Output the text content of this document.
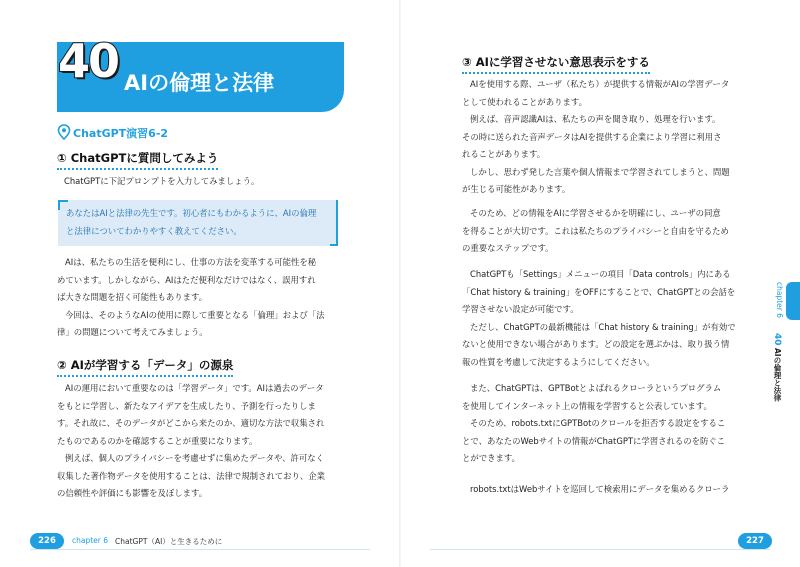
40 AIの倫理と法律
ChatGPT演習6-2
① ChatGPTに質問してみよう

ChatGPTに下記プロンプトを入力してみましょう。

あなたはAIと法律の先生です。初心者にもわかるように、AIの倫理
と法律についてわかりやすく教えてください。

AIは、私たちの生活を便利にし、仕事の方法を変革する可能性を秘

めています。しかしながら、AIはただ便利なだけではなく、誤用すれ

ば大きな問題を招く可能性もあります。

今回は、そのようなAIの使用に際して重要となる「倫理」および「法

律」の問題について考えてみましょう。

② AIが学習する「データ」の源泉

AIの運用において重要なのは「学習データ」です。AIは過去のデータ

をもとに学習し、新たなアイデアを生成したり、予測を行ったりしま

す。それ故に、そのデータがどこから来たのか、適切な方法で収集され

たものであるのかを確認することが重要になります。

例えば、個人のプライバシーを考慮せずに集めたデータや、許可なく

収集した著作物データを使用することは、法律で規制されており、企業

の信頼性や評価にも影響を及ぼします。

226	chapter 6 ChatGPT（AI）と生きるために
③ AIに学習させない意思表示をする

AIを使用する際、ユーザ（私たち）が提供する情報がAIの学習データ

として使われることがあります。

例えば、音声認識AIは、私たちの声を聞き取り、処理を行います。

その時に送られた音声データはAIを提供する企業により学習に利用さ

れることがあります。

しかし、思わず発した言葉や個人情報まで学習されてしまうと、問題

が生じる可能性があります。

そのため、どの情報をAIに学習させるかを明確にし、ユーザの同意

を得ることが大切です。これは私たちのプライバシーと自由を守るため

の重要なステップです。

ChatGPTも「Settings」メニューの項目「Data controls」内にある

「Chat history & training」をOFFにすることで、ChatGPTとの会話を

学習させない設定が可能です。

ただし、ChatGPTの最新機能は「Chat history & training」が有効で

ないと使用できない場合があります。どの設定を選ぶかは、取り扱う情

報の性質を考慮して決定するようにしてください。

また、ChatGPTは、GPTBotとよばれるクローラというプログラム

を使用してインターネット上の情報を学習すると公表しています。

そのため、robots.txtにGPTBotのクロールを拒否する設定をするこ

とで、あなたのWebサイトの情報がChatGPTに学習されるのを防ぐこ

とができます。

robots.txtはWebサイトを巡回して検索用にデータを集めるクローラ

chapter 6
40
AIの倫理と法律
227
